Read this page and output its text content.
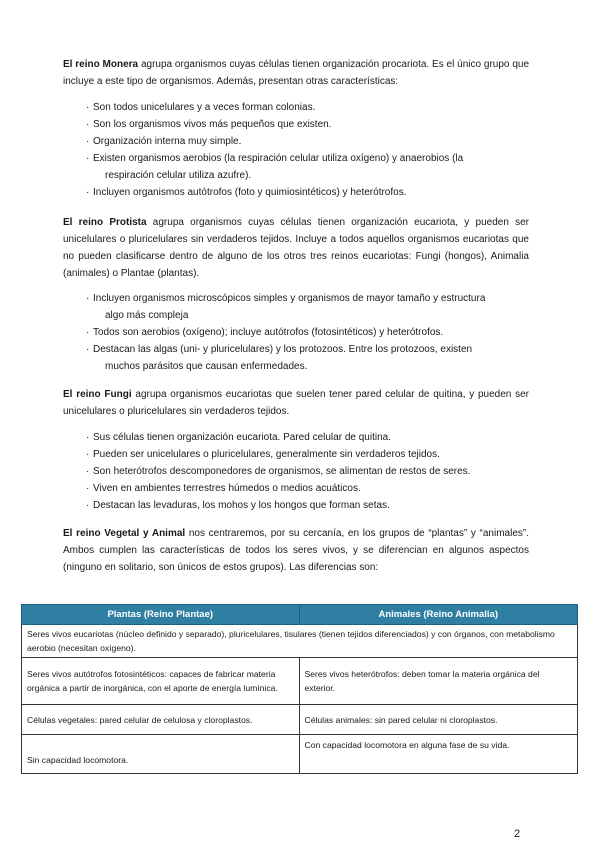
El reino Monera agrupa organismos cuyas células tienen organización procariota. Es el único grupo que incluye a este tipo de organismos. Además, presentan otras características:

· Son todos unicelulares y a veces forman colonias.
· Son los organismos vivos más pequeños que existen.
· Organización interna muy simple.
· Existen organismos aerobios (la respiración celular utiliza oxígeno) y anaerobios (la
respiración celular utiliza azufre).
· Incluyen organismos autótrofos (foto y quimiosintéticos) y heterótrofos.

El reino Protista agrupa organismos cuyas células tienen organización eucariota, y pueden ser unicelulares o pluricelulares sin verdaderos tejidos. Incluye a todos aquellos organismos eucariotas que no pueden clasificarse dentro de alguno de los otros tres reinos eucariotas: Fungi (hongos), Animalia (animales) o Plantae (plantas).

· Incluyen organismos microscópicos simples y organismos de mayor tamaño y estructura
algo más compleja
· Todos son aerobios (oxígeno); incluye autótrofos (fotosintéticos) y heterótrofos.
· Destacan las algas (uni- y pluricelulares) y los protozoos. Entre los protozoos, existen
muchos parásitos que causan enfermedades.

El reino Fungi agrupa organismos eucariotas que suelen tener pared celular de quitina, y pueden ser unicelulares o pluricelulares sin verdaderos tejidos.

· Sus células tienen organización eucariota. Pared celular de quitina.
· Pueden ser unicelulares o pluricelulares, generalmente sin verdaderos tejidos.
· Son heterótrofos descomponedores de organismos, se alimentan de restos de seres.
· Viven en ambientes terrestres húmedos o medios acuáticos.
· Destacan las levaduras, los mohos y los hongos que forman setas.

El reino Vegetal y Animal nos centraremos, por su cercanía, en los grupos de “plantas” y “animales”. Ambos cumplen las características de todos los seres vivos, y se diferencian en algunos aspectos (ninguno en solitario, son únicos de estos grupos). Las diferencias son:

Plantas (Reino Plantae)	Animales (Reino Animalia)
Seres vivos eucariotas (núcleo definido y separado), pluricelulares, tisulares (tienen tejidos diferenciados) y con órganos, con metabolismo aerobio (necesitan oxígeno).	
Seres vivos autótrofos fotosintéticos: capaces de fabricar materia orgánica a partir de inorgánica, con el aporte de energía lumínica.	Seres vivos heterótrofos: deben tomar la materia orgánica del exterior.
Células vegetales: pared celular de celulosa y cloroplastos.	Células animales: sin pared celular ni cloroplastos.
Sin capacidad locomotora.	Con capacidad locomotora en alguna fase de su vida.
2
